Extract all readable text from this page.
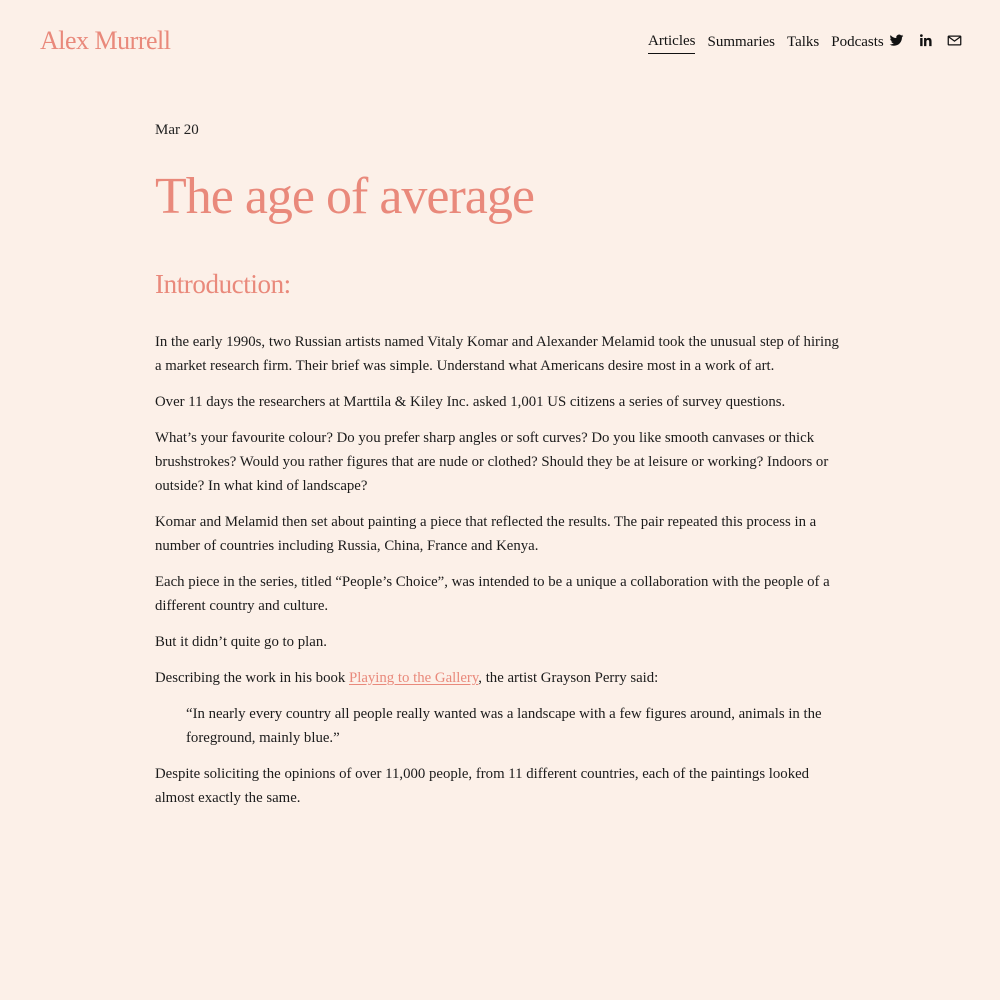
Alex Murrell	Articles Summaries Talks Podcasts
Mar 20
The age of average
Introduction:

In the early 1990s, two Russian artists named Vitaly Komar and Alexander Melamid took the unusual step of hiring a market research firm. Their brief was simple. Understand what Americans desire most in a work of art.

Over 11 days the researchers at Marttila & Kiley Inc. asked 1,001 US citizens a series of survey questions.

What’s your favourite colour? Do you prefer sharp angles or soft curves? Do you like smooth canvases or thick brushstrokes? Would you rather figures that are nude or clothed? Should they be at leisure or working? Indoors or outside? In what kind of landscape?

Komar and Melamid then set about painting a piece that reflected the results. The pair repeated this process in a number of countries including Russia, China, France and Kenya.

Each piece in the series, titled “People’s Choice”, was intended to be a unique a collaboration with the people of a different country and culture.

But it didn’t quite go to plan.

Describing the work in his book Playing to the Gallery, the artist Grayson Perry said:

“In nearly every country all people really wanted was a landscape with a few figures around, animals in the foreground, mainly blue.”

Despite soliciting the opinions of over 11,000 people, from 11 different countries, each of the paintings looked almost exactly the same.
